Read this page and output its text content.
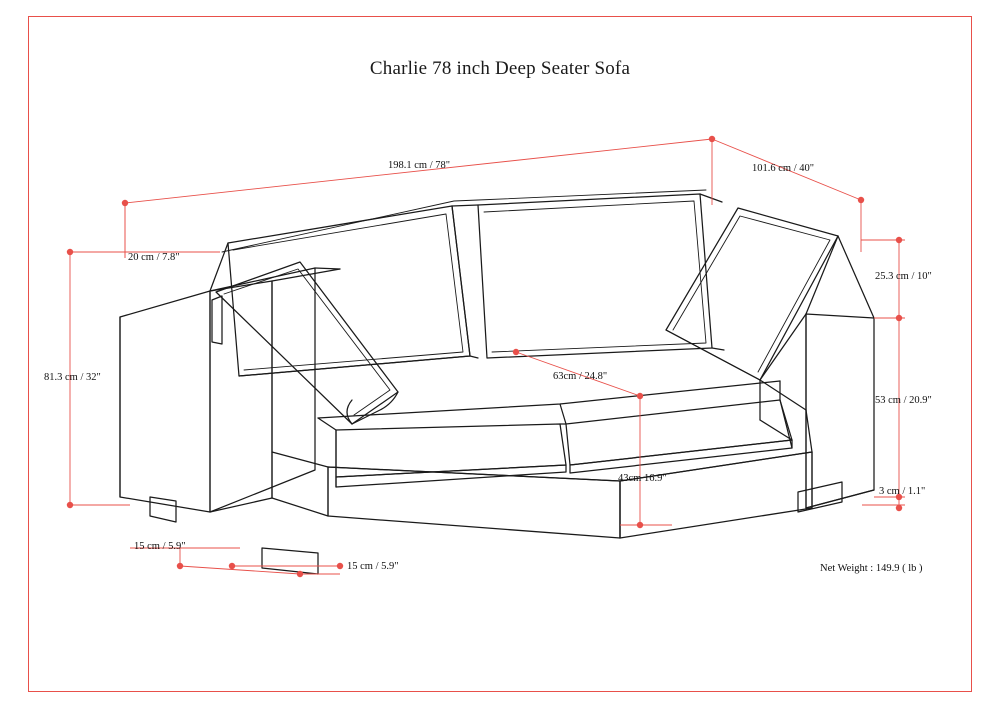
Charlie 78 inch Deep Seater Sofa
198.1 cm / 78"	101.6 cm / 40"
20 cm / 7.8"
81.3 cm / 32"
25.3 cm / 10"
63cm / 24.8"
53 cm / 20.9"
43cm 16.9"
3 cm / 1.1"
15 cm / 5.9"
15 cm / 5.9"	Net Weight : 149.9 ( lb )
